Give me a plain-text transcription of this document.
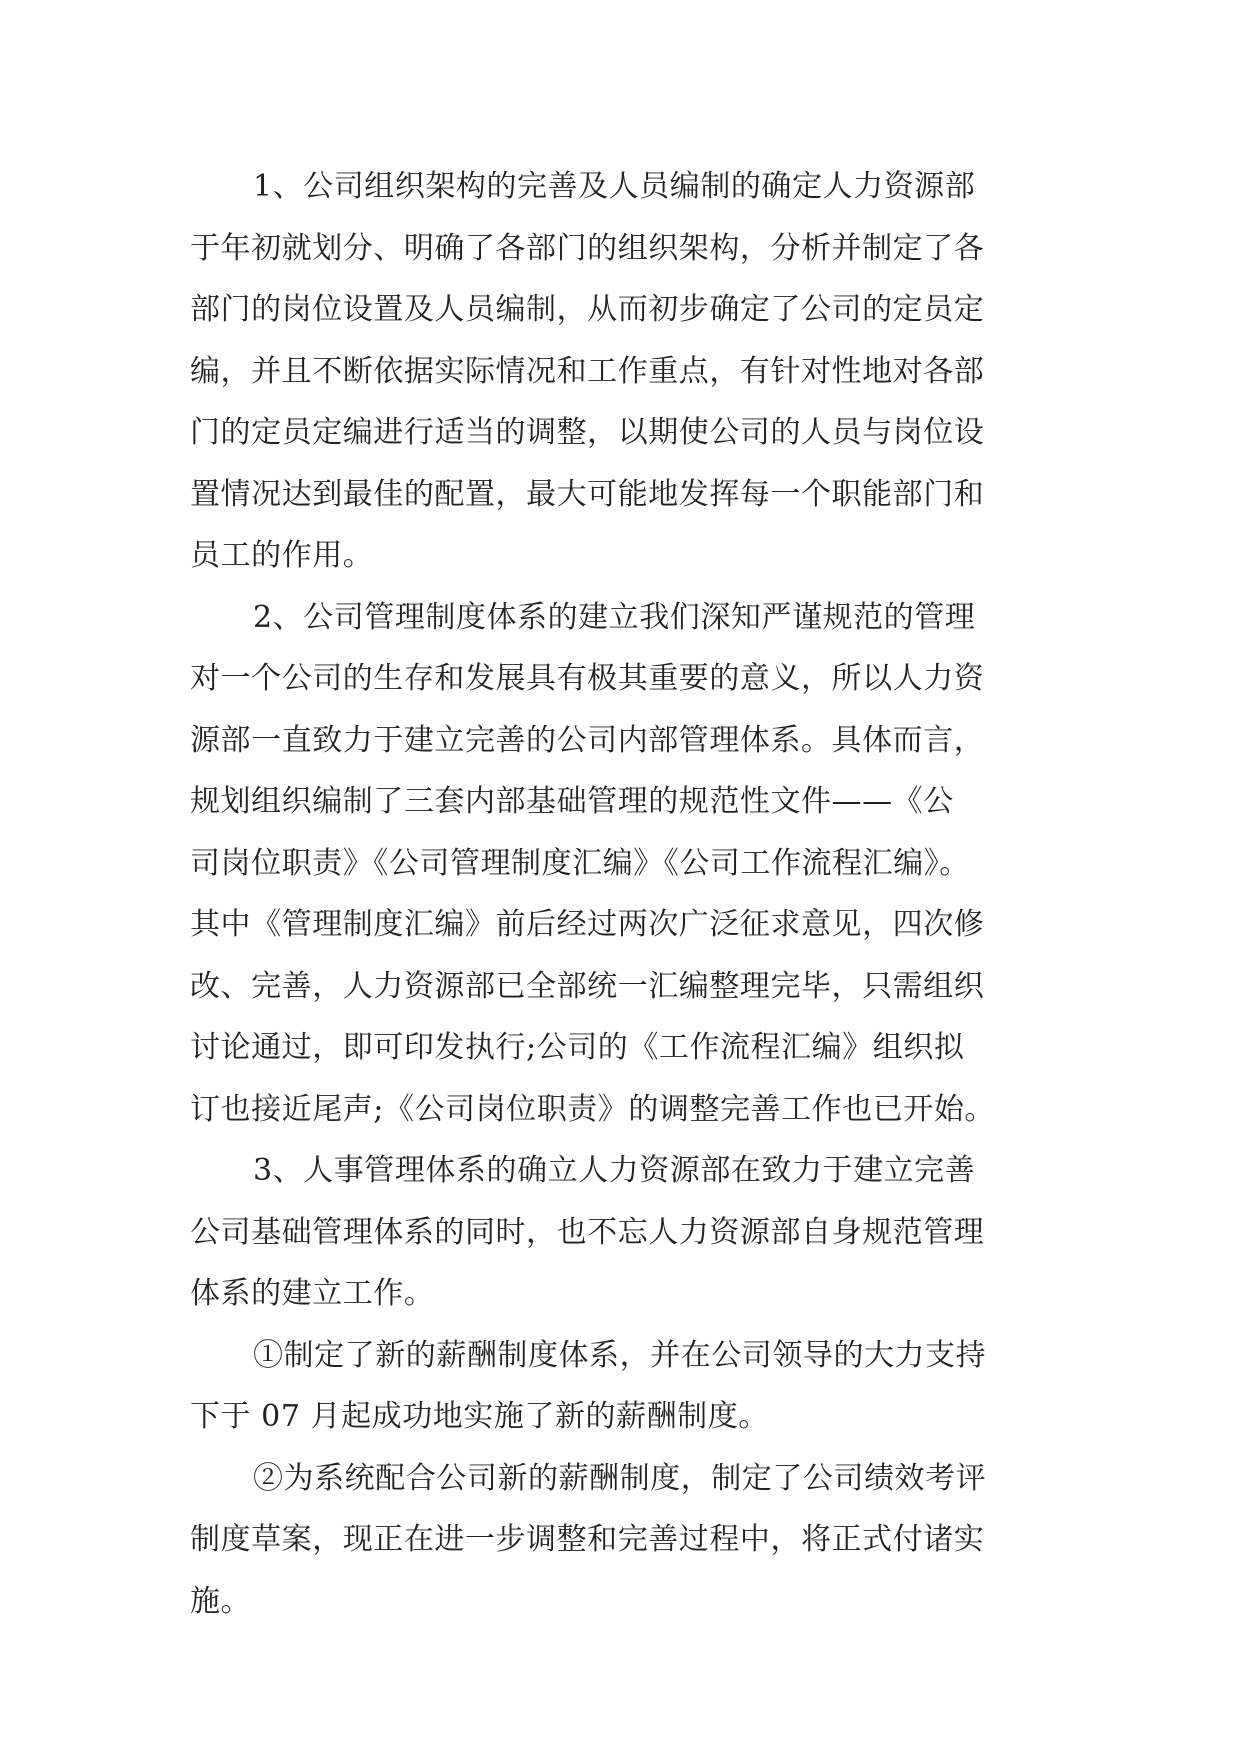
1、公司组织架构的完善及人员编制的确定人力资源部
于年初就划分、明确了各部门的组织架构，分析并制定了各
部门的岗位设置及人员编制，从而初步确定了公司的定员定
编，并且不断依据实际情况和工作重点，有针对性地对各部
门的定员定编进行适当的调整，以期使公司的人员与岗位设
置情况达到最佳的配置，最大可能地发挥每一个职能部门和
员工的作用。

2、公司管理制度体系的建立我们深知严谨规范的管理
对一个公司的生存和发展具有极其重要的意义，所以人力资
源部一直致力于建立完善的公司内部管理体系。具体而言，
规划组织编制了三套内部基础管理的规范性文件——《公
司岗位职责》《公司管理制度汇编》《公司工作流程汇编》。
其中《管理制度汇编》前后经过两次广泛征求意见，四次修
改、完善，人力资源部已全部统一汇编整理完毕，只需组织
讨论通过，即可印发执行;公司的《工作流程汇编》组织拟
订也接近尾声;《公司岗位职责》的调整完善工作也已开始。

3、人事管理体系的确立人力资源部在致力于建立完善
公司基础管理体系的同时，也不忘人力资源部自身规范管理
体系的建立工作。

①制定了新的薪酬制度体系，并在公司领导的大力支持
下于 07 月起成功地实施了新的薪酬制度。

②为系统配合公司新的薪酬制度，制定了公司绩效考评
制度草案，现正在进一步调整和完善过程中，将正式付诸实
施。
